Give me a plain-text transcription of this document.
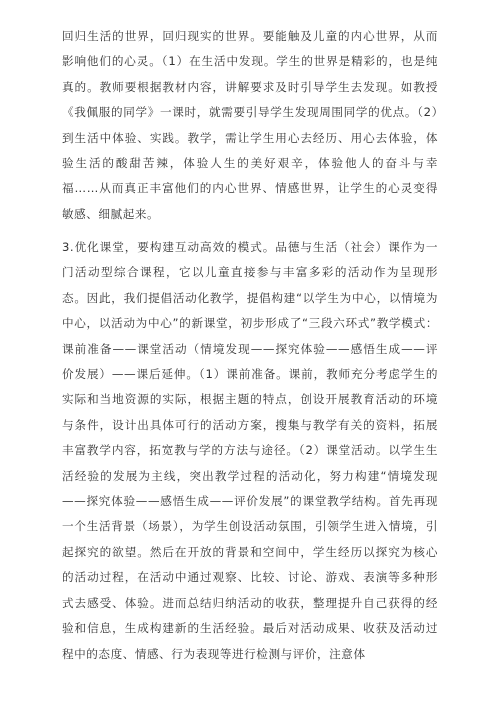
回归生活的世界，回归现实的世界。要能触及儿童的内心世界，从而影响他们的心灵。（1）在生活中发现。学生的世界是精彩的，也是纯真的。教师要根据教材内容，讲解要求及时引导学生去发现。如教授《我佩服的同学》一课时，就需要引导学生发现周围同学的优点。（2）到生活中体验、实践。教学，需让学生用心去经历、用心去体验，体验生活的酸甜苦辣，体验人生的美好艰辛，体验他人的奋斗与幸福……从而真正丰富他们的内心世界、情感世界，让学生的心灵变得敏感、细腻起来。

3.优化课堂，要构建互动高效的模式。品德与生活（社会）课作为一门活动型综合课程，它以儿童直接参与丰富多彩的活动作为呈现形态。因此，我们提倡活动化教学，提倡构建“以学生为中心，以情境为中心，以活动为中心”的新课堂，初步形成了“三段六环式”教学模式：课前准备——课堂活动（情境发现——探究体验——感悟生成——评价发展）——课后延伸。（1）课前准备。课前，教师充分考虑学生的实际和当地资源的实际，根据主题的特点，创设开展教育活动的环境与条件，设计出具体可行的活动方案，搜集与教学有关的资料，拓展丰富教学内容，拓宽教与学的方法与途径。（2）课堂活动。以学生生活经验的发展为主线，突出教学过程的活动化，努力构建“情境发现——探究体验——感悟生成——评价发展”的课堂教学结构。首先再现一个生活背景（场景），为学生创设活动氛围，引领学生进入情境，引起探究的欲望。然后在开放的背景和空间中，学生经历以探究为核心的活动过程，在活动中通过观察、比较、讨论、游戏、表演等多种形式去感受、体验。进而总结归纳活动的收获，整理提升自己获得的经验和信息，生成构建新的生活经验。最后对活动成果、收获及活动过程中的态度、情感、行为表现等进行检测与评价，注意体
